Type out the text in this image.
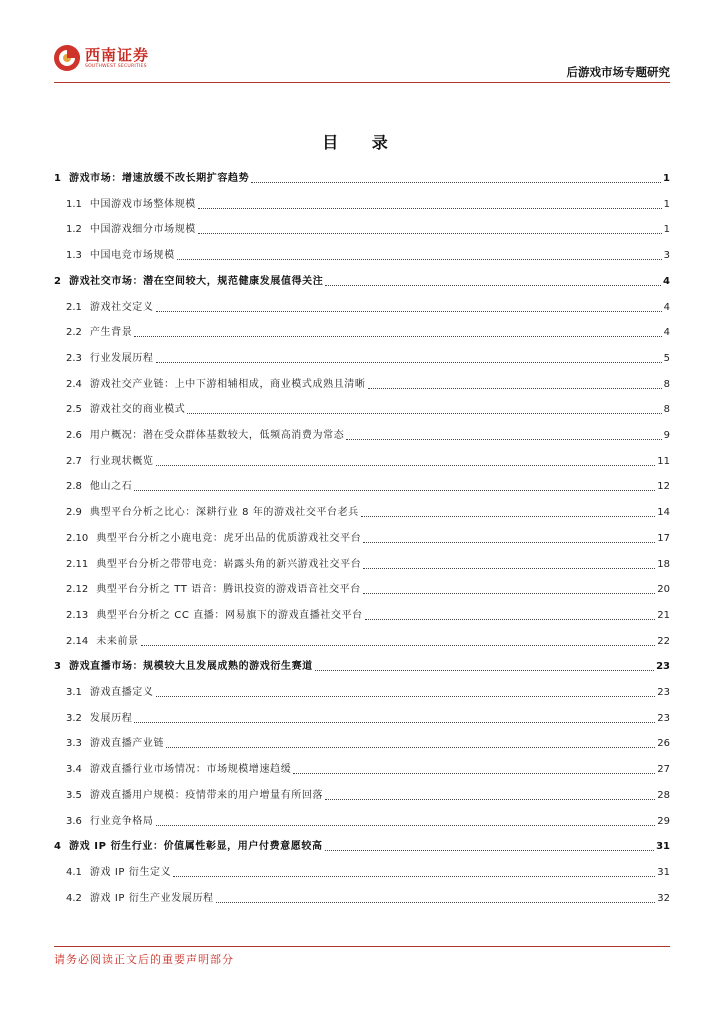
西南证券
SOUTHWEST SECURITIES	后游戏市场专题研究
目 录
1 游戏市场：增速放缓不改长期扩容趋势	1
1.1 中国游戏市场整体规模	1
1.2 中国游戏细分市场规模	1
1.3 中国电竞市场规模	3
2 游戏社交市场：潜在空间较大，规范健康发展值得关注	4
2.1 游戏社交定义	4
2.2 产生背景	4
2.3 行业发展历程	5
2.4 游戏社交产业链：上中下游相辅相成，商业模式成熟且清晰	8
2.5 游戏社交的商业模式	8
2.6 用户概况：潜在受众群体基数较大，低频高消费为常态	9
2.7 行业现状概览	11
2.8 他山之石	12
2.9 典型平台分析之比心：深耕行业 8 年的游戏社交平台老兵	14
2.10 典型平台分析之小鹿电竞：虎牙出品的优质游戏社交平台	17
2.11 典型平台分析之带带电竞：崭露头角的新兴游戏社交平台	18
2.12 典型平台分析之 TT 语音：腾讯投资的游戏语音社交平台	20
2.13 典型平台分析之 CC 直播：网易旗下的游戏直播社交平台	21
2.14 未来前景	22
3 游戏直播市场：规模较大且发展成熟的游戏衍生赛道	23
3.1 游戏直播定义	23
3.2 发展历程	23
3.3 游戏直播产业链	26
3.4 游戏直播行业市场情况：市场规模增速趋缓	27
3.5 游戏直播用户规模：疫情带来的用户增量有所回落	28
3.6 行业竞争格局	29
4 游戏 IP 衍生行业：价值属性彰显，用户付费意愿较高	31
4.1 游戏 IP 衍生定义	31
4.2 游戏 IP 衍生产业发展历程	32
请务必阅读正文后的重要声明部分
